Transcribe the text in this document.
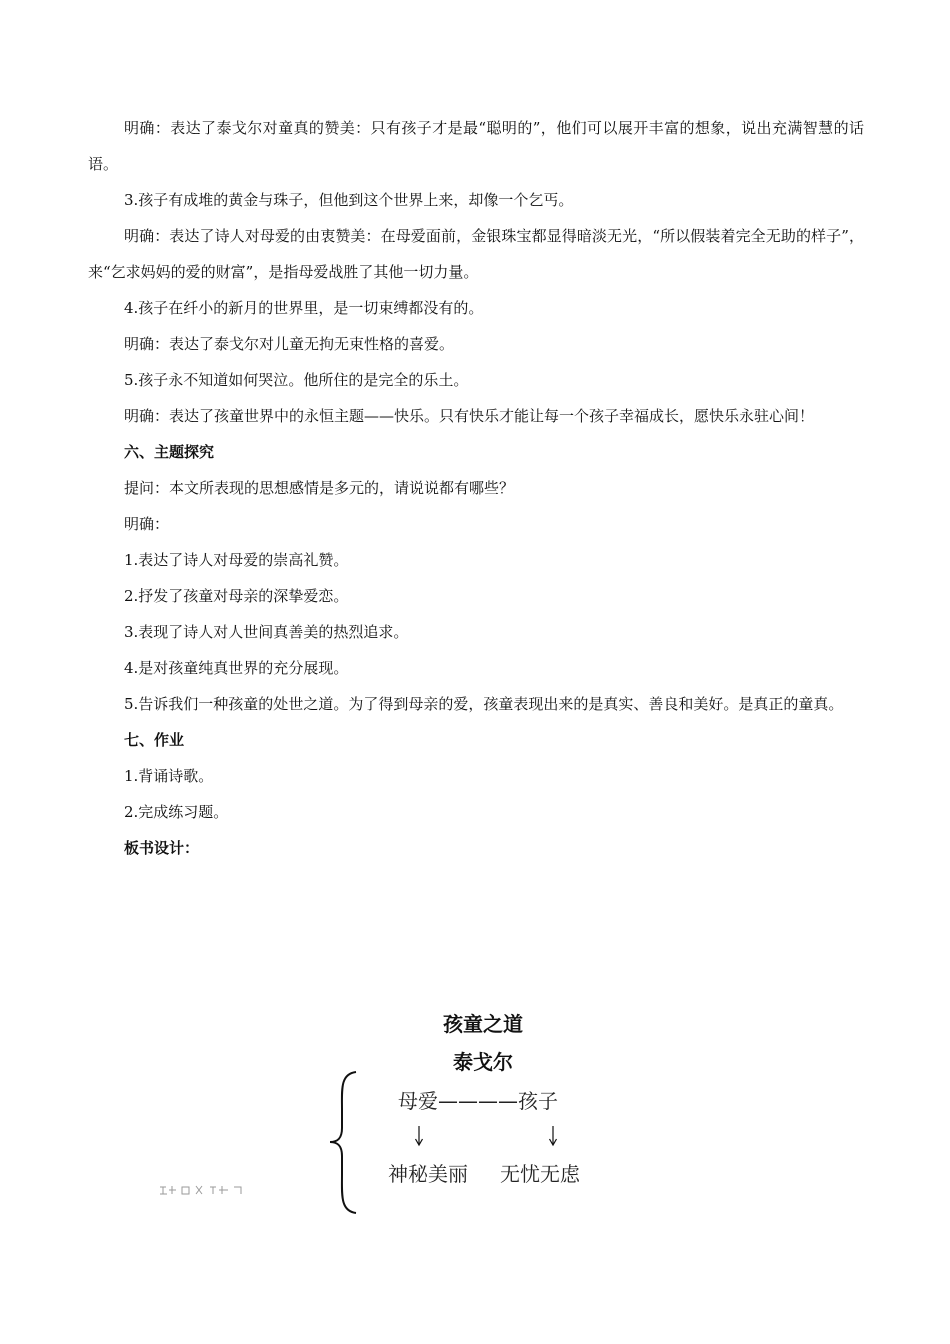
明确：表达了泰戈尔对童真的赞美：只有孩子才是最“聪明的”，他们可以展开丰富的想象，说出充满智慧的话语。

3.孩子有成堆的黄金与珠子，但他到这个世界上来，却像一个乞丐。

明确：表达了诗人对母爱的由衷赞美：在母爱面前，金银珠宝都显得暗淡无光，“所以假装着完全无助的样子”，来“乞求妈妈的爱的财富”，是指母爱战胜了其他一切力量。

4.孩子在纤小的新月的世界里，是一切束缚都没有的。

明确：表达了泰戈尔对儿童无拘无束性格的喜爱。

5.孩子永不知道如何哭泣。他所住的是完全的乐土。

明确：表达了孩童世界中的永恒主题——快乐。只有快乐才能让每一个孩子幸福成长，愿快乐永驻心间！

六、主题探究

提问：本文所表现的思想感情是多元的，请说说都有哪些？

明确：

1.表达了诗人对母爱的崇高礼赞。

2.抒发了孩童对母亲的深挚爱恋。

3.表现了诗人对人世间真善美的热烈追求。

4.是对孩童纯真世界的充分展现。

5.告诉我们一种孩童的处世之道。为了得到母亲的爱，孩童表现出来的是真实、善良和美好。是真正的童真。

七、作业

1.背诵诗歌。

2.完成练习题。

板书设计：

孩童之道
泰戈尔
母爱————孩子
神秘美丽 无忧无虑
